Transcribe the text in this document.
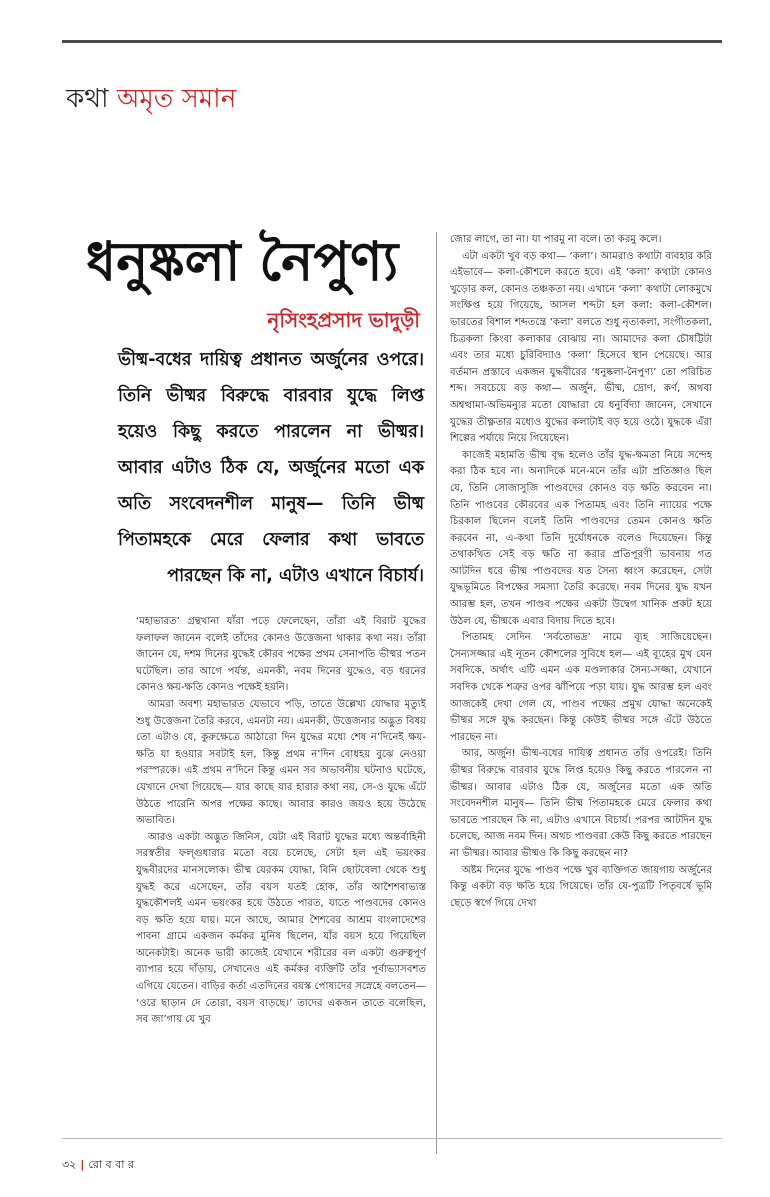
কথা অমৃত সমান
ধনুষ্কলা নৈপুণ্য
নৃসিংহপ্রসাদ ভাদুড়ী
ভীষ্ম-বধের দায়িত্ব প্রধানত অর্জুনের ওপরে। তিনি ভীষ্মর বিরুদ্ধে বারবার যুদ্ধে লিপ্ত হয়েও কিছু করতে পারলেন না ভীষ্মর। আবার এটাও ঠিক যে, অর্জুনের মতো এক অতি সংবেদনশীল মানুষ— তিনি ভীষ্ম পিতামহকে মেরে ফেলার কথা ভাবতে পারছেন কি না, এটাও এখানে বিচার্য।

‘মহাভারত’ গ্রন্থখানা যাঁরা পড়ে ফেলেছেন, তাঁরা এই বিরাট যুদ্ধের ফলাফল জানেন বলেই তাঁদের কোনও উত্তেজনা থাকার কথা নয়। তাঁরা জানেন যে, দশম দিনের যুদ্ধেই কৌরব পক্ষের প্রথম সেনাপতি ভীষ্মর পতন ঘটেছিল। তার আগে পর্যন্ত, এমনকী, নবম দিনের যুদ্ধেও, বড় ধরনের কোনও ক্ষয়-ক্ষতি কোনও পক্ষেই হয়নি।

আমরা অবশ্য মহাভারত যেভাবে পড়ি, তাতে উল্লেখ্য যোদ্ধার মৃত্যুই শুধু উত্তেজনা তৈরি করবে, এমনটা নয়। এমনকী, উত্তেজনার অদ্ভুত বিষয় তো এটাও যে, কুরুক্ষেত্রে আঠারো দিন যুদ্ধের মধ্যে শেষ ন’দিনেই ক্ষয়-ক্ষতি যা হওয়ার সবটাই হল, কিন্তু প্রথম ন’দিন বোধহয় বুঝে নেওয়া পরস্পরকে। এই প্রথম ন’দিনে কিন্তু এমন সব অভাবনীয় ঘটনাও ঘটেছে, যেখানে দেখা গিয়েছে— যার কাছে যার হারার কথা নয়, সে-ও যুদ্ধে এঁটে উঠতে পারেনি অপর পক্ষের কাছে। আবার কারও জয়ও হয়ে উঠেছে অভাবিত।

আরও একটা অদ্ভুত জিনিস, যেটা এই বিরাট যুদ্ধের মধ্যে অন্তর্বাহিনী সরস্বতীর ফল্গুধারার মতো বয়ে চলেছে, সেটা হল এই ভয়ংকর যুদ্ধবীরদের মানসলোক। ভীষ্ম যেরকম যোদ্ধা, বিনি ছোটবেলা থেকে শুধু যুদ্ধই করে এসেছেন, তাঁর বয়স যতই হোক, তাঁর আশৈশবাভ্যস্ত যুদ্ধকৌশলই এমন ভয়ংকর হয়ে উঠতে পারত, যাতে পাণ্ডবদের কোনও বড় ক্ষতি হয়ে যায়। মনে আছে, আমার শৈশবের আশ্রম বাংলাদেশের পাবনা গ্রামে একজন কর্মকর মুনিষ ছিলেন, যাঁর বয়স হয়ে গিয়েছিল অনেকটাই। অনেক ভারী কাজেই যেখানে শরীরের বল একটা গুরুত্বপূর্ণ ব্যাপার হয়ে দাঁড়ায়, সেখানেও এই কর্মকর ব্যক্তিটি তাঁর পূর্বাভ্যাসবশত এগিয়ে যেতেন। বাড়ির কর্তা এতদিনের বয়স্ক পোষ্যদের সস্নেহে বলতেন— ‘ওরে ছাড়ান দে তোরা, বয়স বাড়ছে।’ তাদের একজন তাতে বলেছিল, সব জা’গায় যে খুব

জোর লাগে, তা না। যা পারমু না বলে। তা করমু কলে।

এটা একটা খুব বড় কথা— ‘কলা’। আমরাও কথাটা ব্যবহার করি এইভাবে— কলা-কৌশলে করতে হবে। এই ‘কলা’ কথাটা কোনও খুড়োর কল, কোনও তঞ্চকতা নয়। এখানে ‘কলা’ কথাটা লোকমুখে সংক্ষিপ্ত হয়ে গিয়েছে, আসল শব্দটা হল কলা: কলা-কৌশল। ভারতের বিশাল শব্দতন্ত্রে ‘কলা’ বলতে শুধু নৃত্যকলা, সংগীতকলা, চিত্রকলা কিংবা কলাকার বোঝায় না। আমাদের কলা চৌষট্টিটা এবং তার মধ্যে চুরিবিদ্যাও ‘কলা’ হিসেবে স্থান পেয়েছে। আর বর্তমান প্রস্তাবে একজন যুদ্ধবীরের ‘ধনুষ্কলা-নৈপুণ্য’ তো পরিচিত শব্দ। সবচেয়ে বড় কথা— অর্জুন, ভীষ্ম, দ্রোণ, কর্ণ, অথবা অশ্বত্থামা-অভিমন্যুর মতো যোদ্ধারা যে ধনুর্বিদ্যা জানেন, সেখানে যুদ্ধের তীক্ষ্ণতার মধ্যেও যুদ্ধের কলাটাই বড় হয়ে ওঠে। যুদ্ধকে এঁরা শিল্পের পর্যায়ে নিয়ে গিয়েছেন।

কাজেই মহামতি ভীষ্ম বৃদ্ধ হলেও তাঁর যুদ্ধ-ক্ষমতা নিয়ে সন্দেহ করা ঠিক হবে না। অন্যদিকে মনে-মনে তাঁর এটা প্রতিজ্ঞাও ছিল যে, তিনি সোজাসুজি পাণ্ডবদের কোনও বড় ক্ষতি করবেন না। তিনি পাণ্ডবের কৌরবের এক পিতামহ এবং তিনি ন্যায়ের পক্ষে চিরকাল ছিলেন বলেই তিনি পাণ্ডবদের তেমন কোনও ক্ষতি করবেন না, এ-কথা তিনি দুর্যোধনকে বলেও দিয়েছেন। কিন্তু তথাকথিত সেই বড় ক্ষতি না করার প্রতিপূরণী ভাবনায় গত আটদিন ধরে ভীষ্ম পাণ্ডবদের যত সৈন্য ধ্বংস করেছেন, সেটা যুদ্ধভূমিতে বিপক্ষের সমস্যা তৈরি করেছে। নবম দিনের যুদ্ধ যখন আরম্ভ হল, তখন পাণ্ডব পক্ষের একটা উদ্বেগ খানিক প্রকট হয়ে উঠল যে, ভীষ্মকে এবার বিদায় দিতে হবে।

পিতামহ সেদিন ‘সর্বতোভদ্র’ নামে ব্যূহ সাজিয়েছেন। সৈন্যসজ্জার এই নূতন কৌশলের সুবিধে হল— এই ব্যূহের মুখ যেন সবদিকে, অর্থাৎ এটি এমন এক মণ্ডলাকার সৈন্য-সজ্জা, যেখানে সবদিক থেকে শত্রুর ওপর ঝাঁপিয়ে পড়া যায়। যুদ্ধ আরম্ভ হল এবং আজকেই দেখা গেল যে, পাণ্ডব পক্ষের প্রমুখ যোদ্ধা অনেকেই ভীষ্মর সঙ্গে যুদ্ধ করছেন। কিন্তু কেউই ভীষ্মর সঙ্গে এঁটে উঠতে পারছেন না।

আর, অর্জুন! ভীষ্ম-বধের দায়িত্ব প্রধানত তাঁর ওপরেই। তিনি ভীষ্মর বিরুদ্ধে বারবার যুদ্ধে লিপ্ত হয়েও কিছু করতে পারলেন না ভীষ্মর। আবার এটাও ঠিক যে, অর্জুনের মতো এক অতি সংবেদনশীল মানুষ— তিনি ভীষ্ম পিতামহকে মেরে ফেলার কথা ভাবতে পারছেন কি না, এটাও এখানে বিচার্য। পরপর আটদিন যুদ্ধ চলেছে, আজ নবম দিন। অথচ পাণ্ডবরা কেউ কিছু করতে পারছেন না ভীষ্মর। আবার ভীষ্মও কি কিছু করছেন না?

অষ্টম দিনের যুদ্ধে পাণ্ডব পক্ষে খুব ব্যক্তিগত জায়গায় অর্জুনের কিন্তু একটা বড় ক্ষতি হয়ে গিয়েছে। তাঁর যে-পুত্রটি পিতৃবর্ষে ভূমি ছেড়ে স্বর্গে গিয়ে দেখা

৩২ | রো ব বা র
